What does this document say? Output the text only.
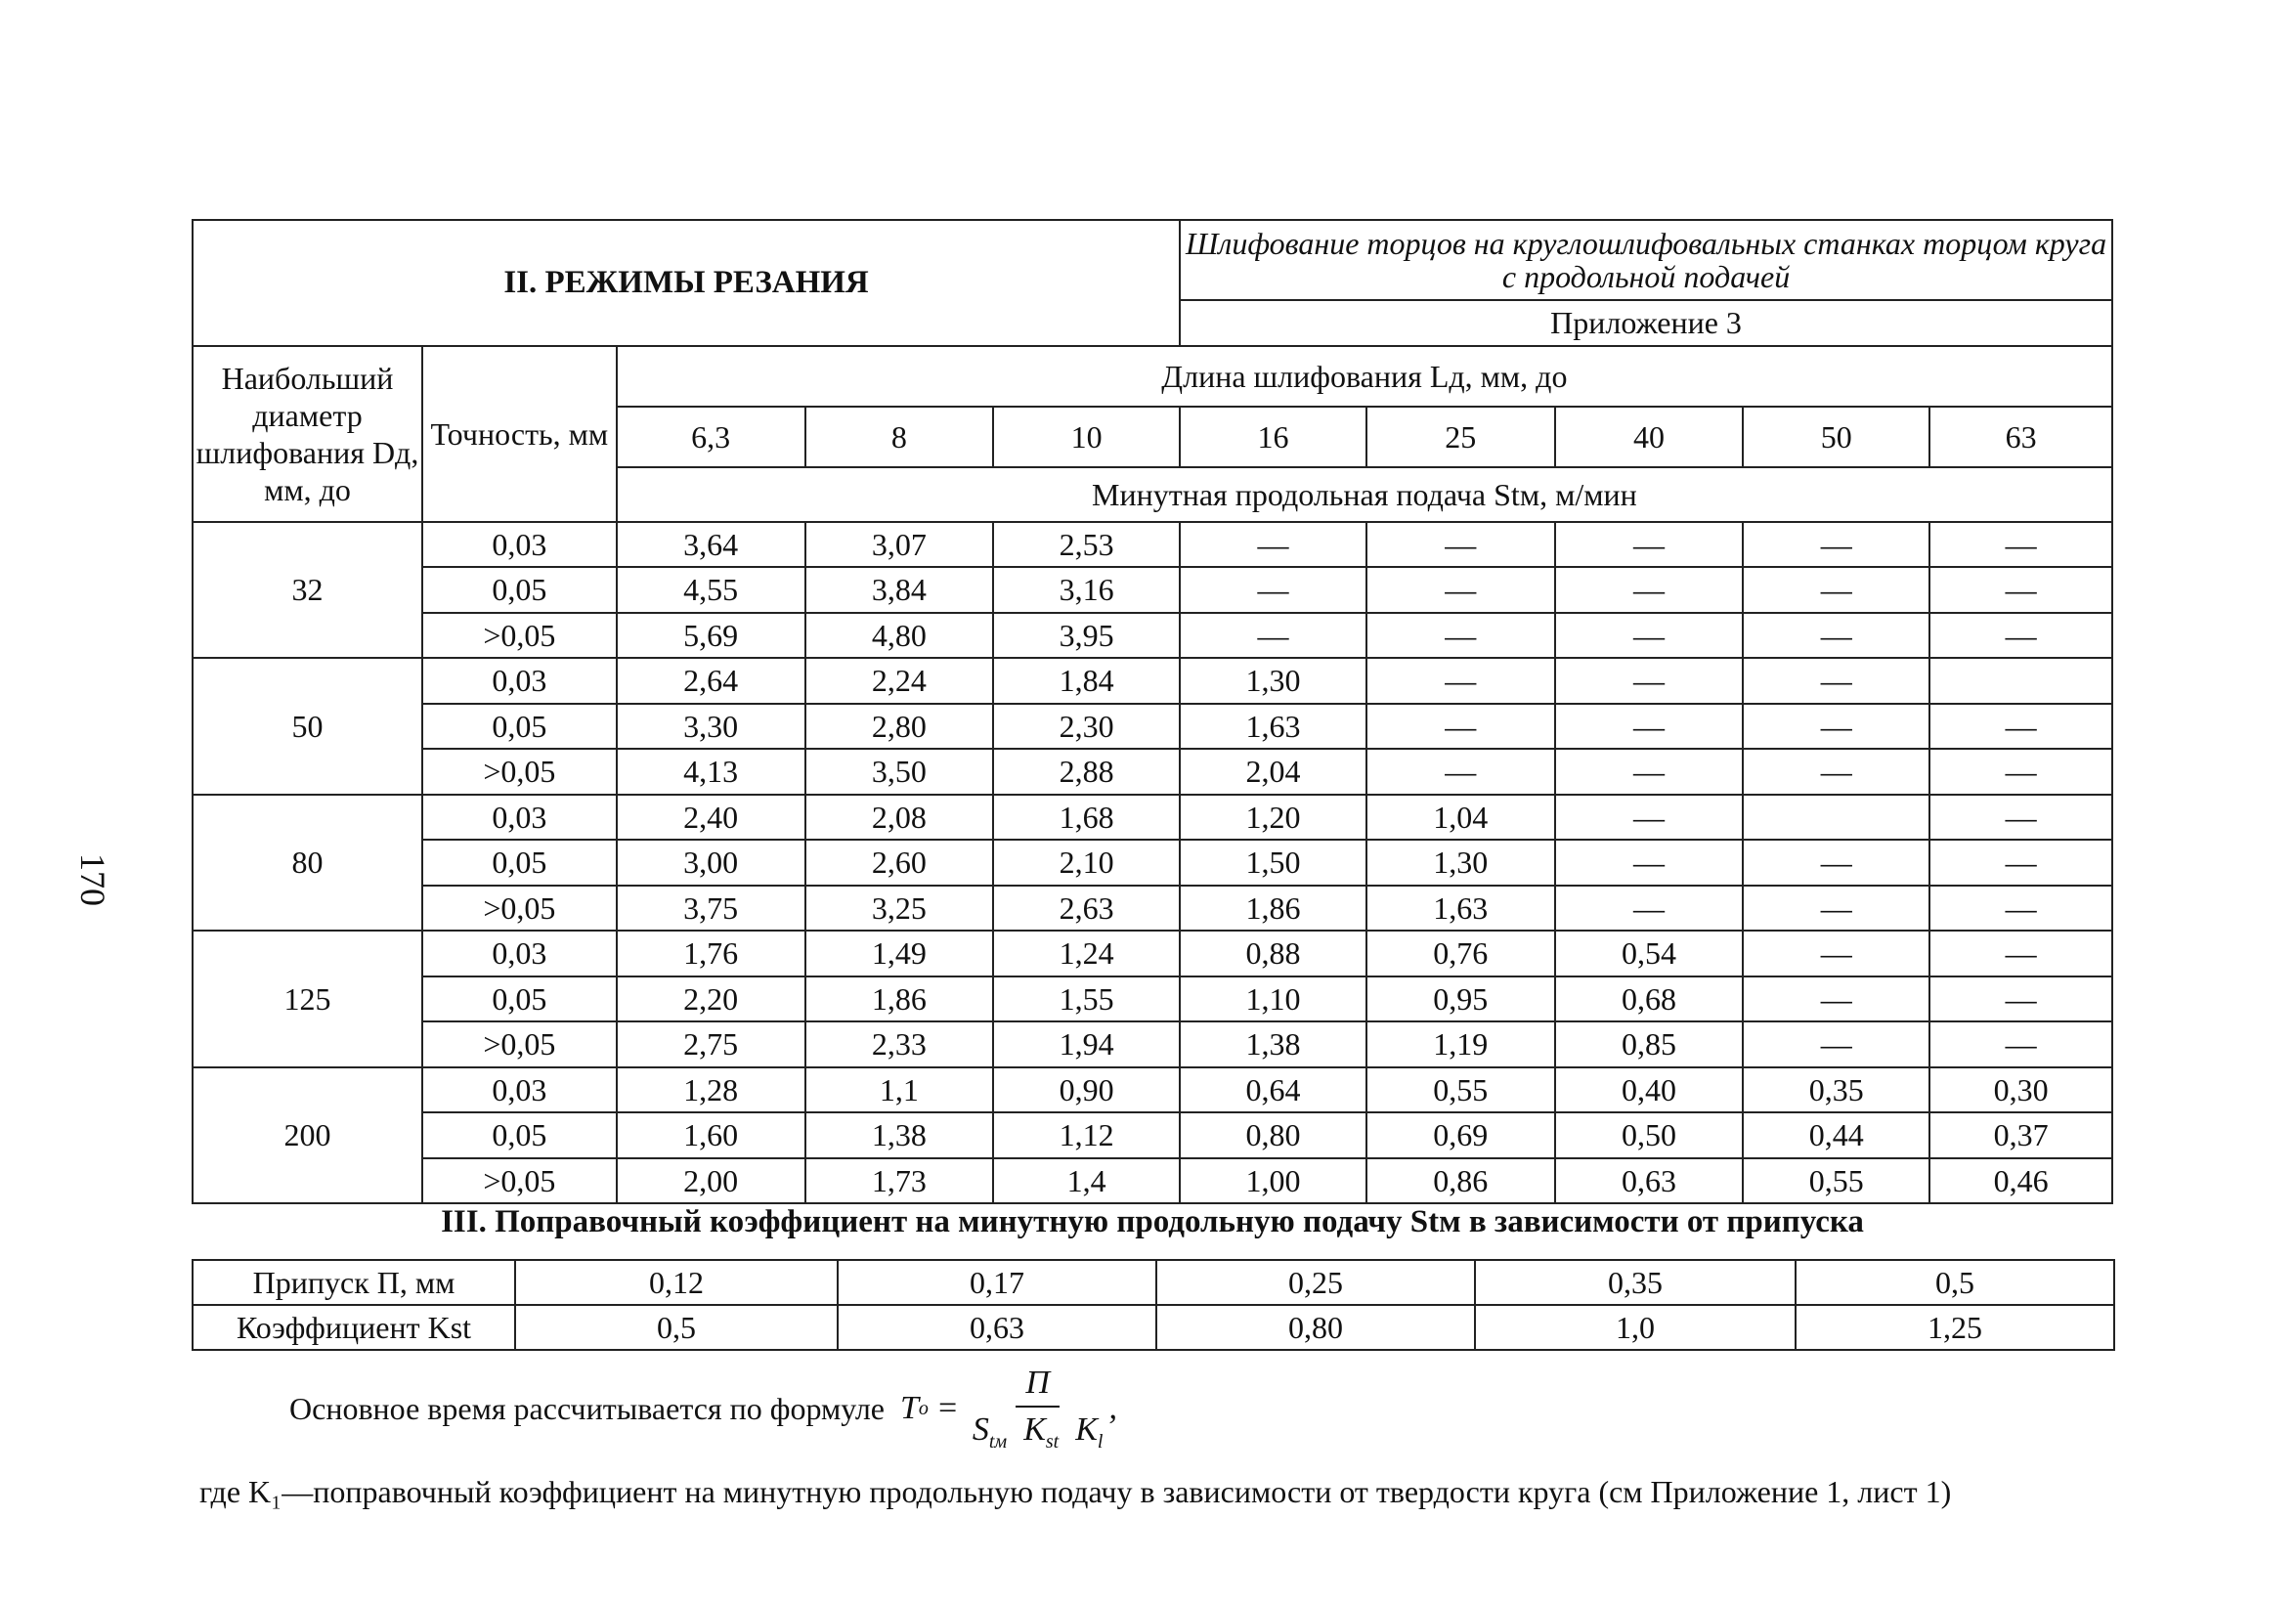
170
II. РЕЖИМЫ РЕЗАНИЯ					Шлифование торцов на круглошлифовальных станках торцом круга
с продольной подачей				

					Приложение 3				
Наибольший диаметр шлифования Dд, мм, до	Точность, мм	Длина шлифования Lд, мм, до							
		6,3	8	10	16	25	40	50	63
		Минутная продольная подача Stм, м/мин							
32	0,03	3,64	3,07	2,53	—	—	—	—	—
	0,05	4,55	3,84	3,16	—	—	—	—	—
	>0,05	5,69	4,80	3,95	—	—	—	—	—
50	0,03	2,64	2,24	1,84	1,30	—	—	—	
	0,05	3,30	2,80	2,30	1,63	—	—	—	—
	>0,05	4,13	3,50	2,88	2,04	—	—	—	—
80	0,03	2,40	2,08	1,68	1,20	1,04	—		—
	0,05	3,00	2,60	2,10	1,50	1,30	—	—	—
	>0,05	3,75	3,25	2,63	1,86	1,63	—	—	—
125	0,03	1,76	1,49	1,24	0,88	0,76	0,54	—	—
	0,05	2,20	1,86	1,55	1,10	0,95	0,68	—	—
	>0,05	2,75	2,33	1,94	1,38	1,19	0,85	—	—
200	0,03	1,28	1,1	0,90	0,64	0,55	0,40	0,35	0,30
	0,05	1,60	1,38	1,12	0,80	0,69	0,50	0,44	0,37
	>0,05	2,00	1,73	1,4	1,00	0,86	0,63	0,55	0,46
III. Поправочный коэффициент на минутную продольную подачу Stм в зависимости от припуска
Припуск П, мм	0,12	0,17	0,25	0,35	0,5
Коэффициент Kst	0,5	0,63	0,80	1,0	1,25
Основное время рассчитывается по формуле T $o = \frac{П}{S_{tм} K_{st} K_l}$ ,
где K₁—поправочный коэффициент на минутную продольную подачу в зависимости от твердости круга (см Приложение 1, лист 1)
